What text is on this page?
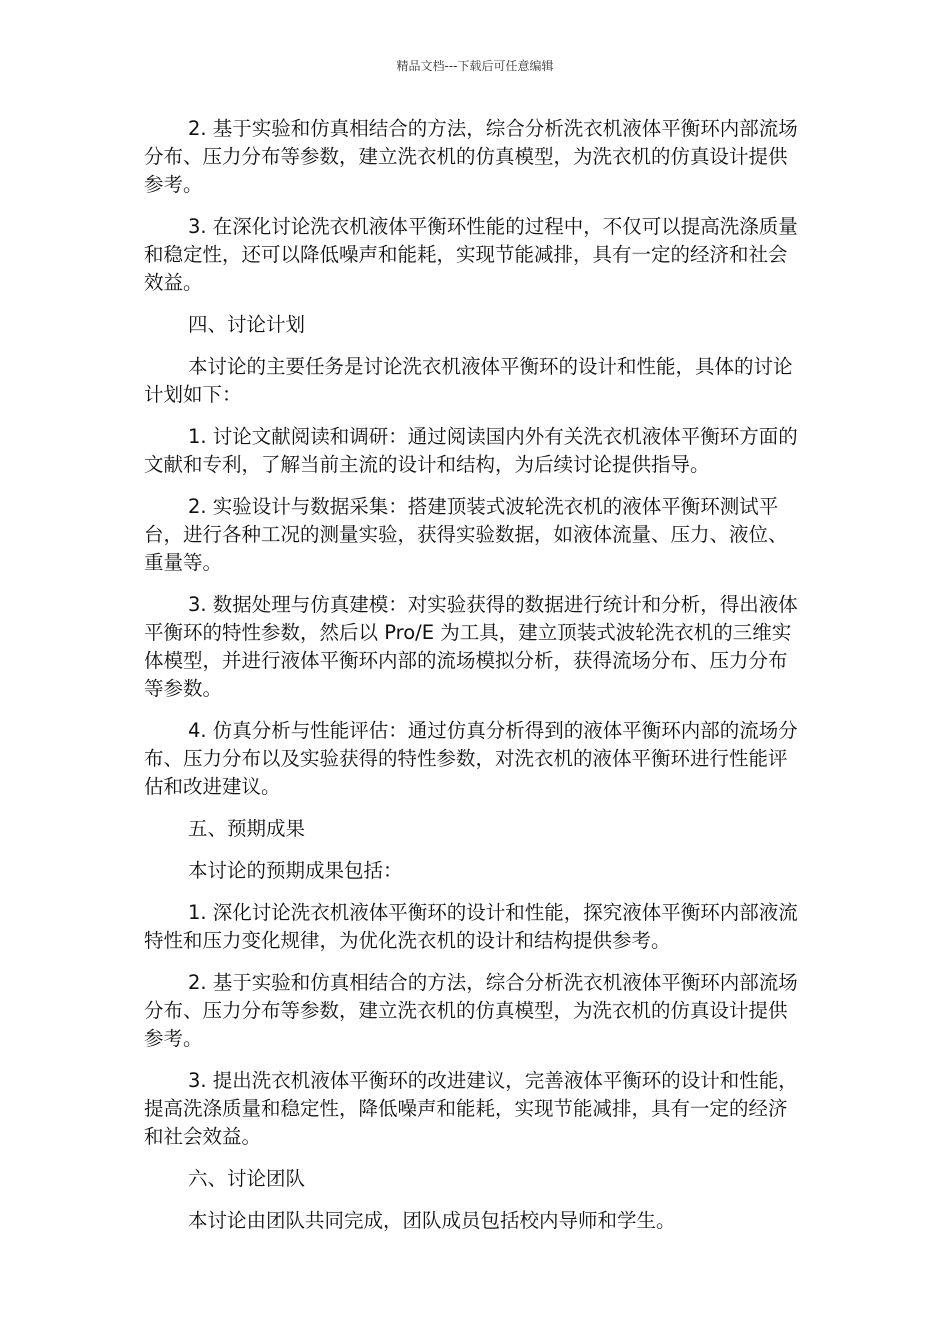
精品文档---下载后可任意编辑

2. 基于实验和仿真相结合的方法，综合分析洗衣机液体平衡环内部流场分布、压力分布等参数，建立洗衣机的仿真模型，为洗衣机的仿真设计提供参考。

3. 在深化讨论洗衣机液体平衡环性能的过程中，不仅可以提高洗涤质量和稳定性，还可以降低噪声和能耗，实现节能减排，具有一定的经济和社会效益。

四、讨论计划

本讨论的主要任务是讨论洗衣机液体平衡环的设计和性能，具体的讨论计划如下：

1. 讨论文献阅读和调研：通过阅读国内外有关洗衣机液体平衡环方面的文献和专利，了解当前主流的设计和结构，为后续讨论提供指导。

2. 实验设计与数据采集：搭建顶装式波轮洗衣机的液体平衡环测试平台，进行各种工况的测量实验，获得实验数据，如液体流量、压力、液位、重量等。

3. 数据处理与仿真建模：对实验获得的数据进行统计和分析，得出液体平衡环的特性参数，然后以 Pro/E 为工具，建立顶装式波轮洗衣机的三维实体模型，并进行液体平衡环内部的流场模拟分析，获得流场分布、压力分布等参数。

4. 仿真分析与性能评估：通过仿真分析得到的液体平衡环内部的流场分布、压力分布以及实验获得的特性参数，对洗衣机的液体平衡环进行性能评估和改进建议。

五、预期成果

本讨论的预期成果包括：

1. 深化讨论洗衣机液体平衡环的设计和性能，探究液体平衡环内部液流特性和压力变化规律，为优化洗衣机的设计和结构提供参考。

2. 基于实验和仿真相结合的方法，综合分析洗衣机液体平衡环内部流场分布、压力分布等参数，建立洗衣机的仿真模型，为洗衣机的仿真设计提供参考。

3. 提出洗衣机液体平衡环的改进建议，完善液体平衡环的设计和性能，提高洗涤质量和稳定性，降低噪声和能耗，实现节能减排，具有一定的经济和社会效益。

六、讨论团队

本讨论由团队共同完成，团队成员包括校内导师和学生。
